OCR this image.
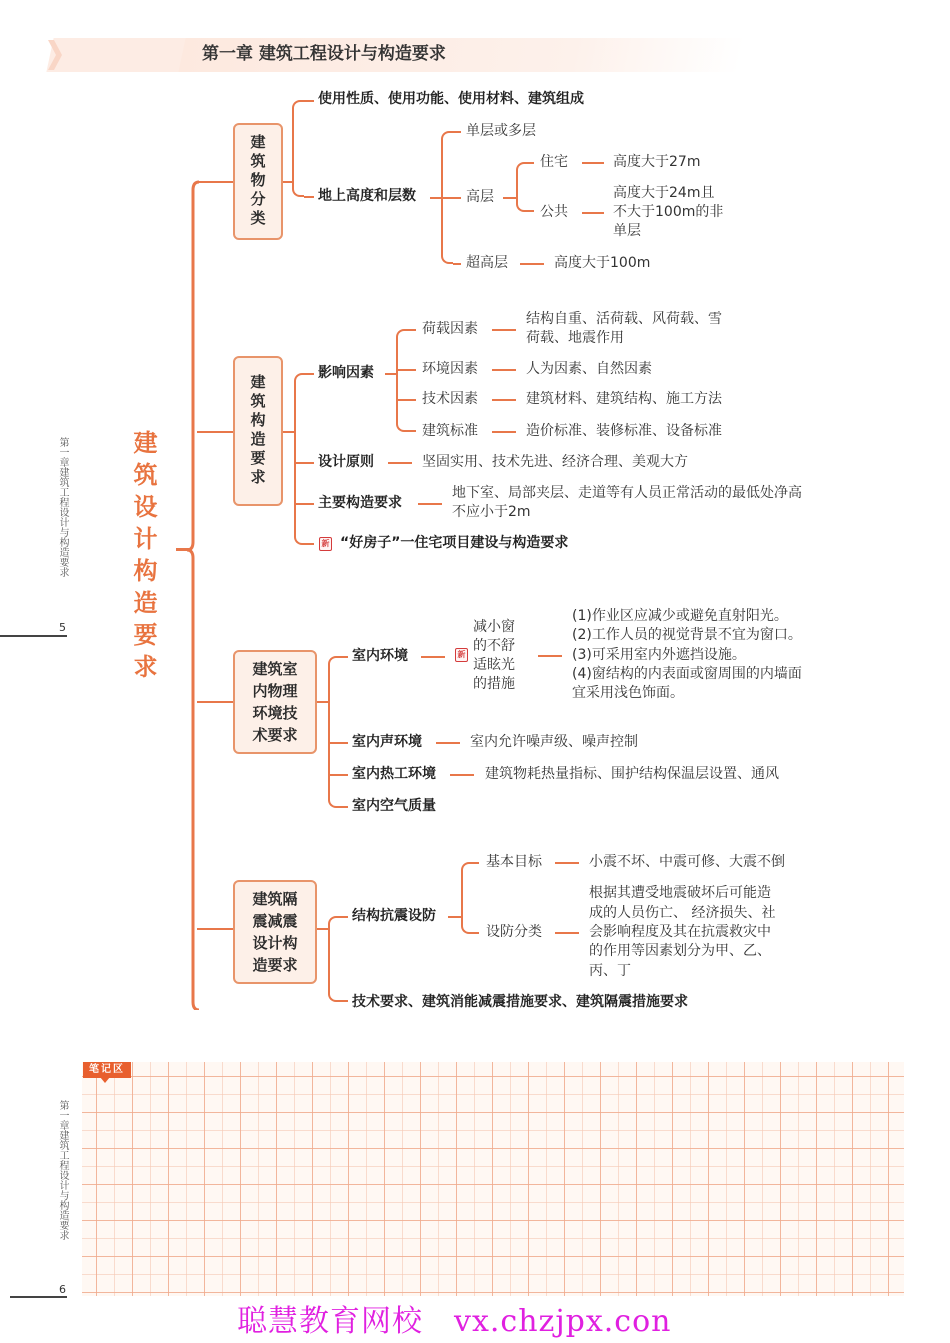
第一章 建筑工程设计与构造要求
第一章建筑工程设计与构造要求
5	建筑设计构造要求
建筑物分类
使用性质、使用功能、使用材料、建筑组成
地上高度和层数
单层或多层
高层
住宅	高度大于27m
公共
高度大于24m且
不大于100m的非
单层
超高层	高度大于100m
建筑构造要求
影响因素
荷载因素
结构自重、活荷载、风荷载、雪
荷载、地震作用
环境因素	人为因素、自然因素
技术因素	建筑材料、建筑结构、施工方法
建筑标准	造价标准、装修标准、设备标准
设计原则	坚固实用、技术先进、经济合理、美观大方
主要构造要求
地下室、局部夹层、走道等有人员正常活动的最低处净高
不应小于2m
新 “好房子”一住宅项目建设与构造要求
建筑室
内物理
环境技
术要求
室内环境	新
减小窗
的不舒
适眩光
的措施
(1)作业区应减少或避免直射阳光。
(2)工作人员的视觉背景不宜为窗口。
(3)可采用室内外遮挡设施。
(4)窗结构的内表面或窗周围的内墙面
宜采用浅色饰面。
室内声环境	室内允许噪声级、噪声控制
室内热工环境	建筑物耗热量指标、围护结构保温层设置、通风
室内空气质量
建筑隔
震减震
设计构
造要求
结构抗震设防
基本目标	小震不坏、中震可修、大震不倒
设防分类
根据其遭受地震破坏后可能造
成的人员伤亡、 经济损失、社
会影响程度及其在抗震救灾中
的作用等因素划分为甲、乙、
丙、丁
技术要求、建筑消能减震措施要求、建筑隔震措施要求
笔记区
第一章建筑工程设计与构造要求
6
聪慧教育网校　vx.chzjpx.con
